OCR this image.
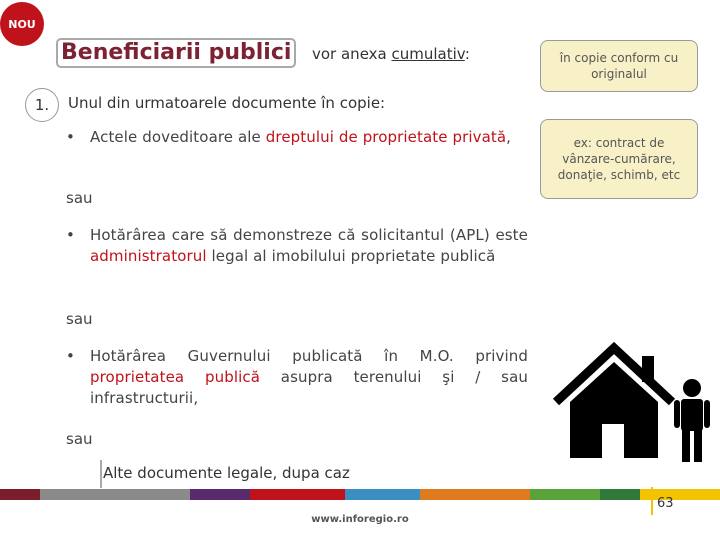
NOU
Beneficiarii publici	vor anexa cumulativ:	în copie conform cu originalul
1.	Unul din urmatoarele documente în copie:
ex: contract de vânzare-cumărare, donaţie, schimb, etc
• Actele doveditoare ale dreptului de proprietate privată,
sau
• Hotărârea care să demonstreze că solicitantul (APL) este administratorul legal al imobilului proprietate publică
sau
• Hotărârea Guvernului publicată în M.O. privind proprietatea publică asupra terenului şi / sau infrastructurii,
sau
Alte documente legale, dupa caz
63
www.inforegio.ro
